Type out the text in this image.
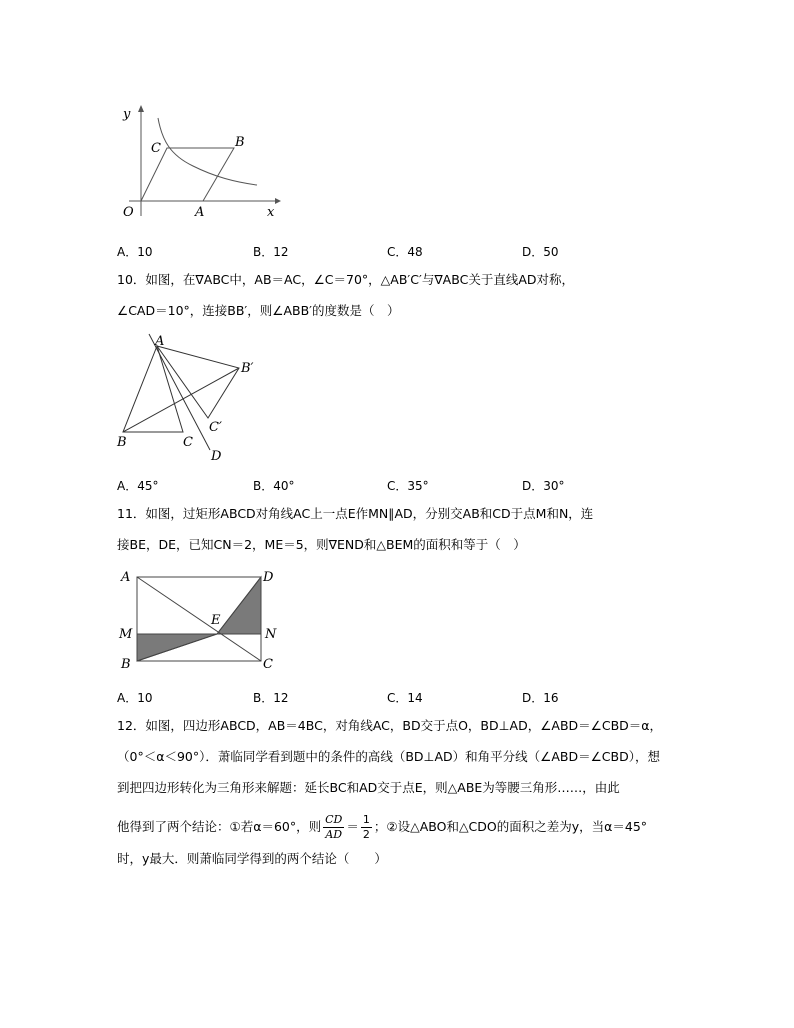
y
C	B
O	A	x
A．10	B．12	C．48	D．50
10．如图，在∇ABC中，AB＝AC，∠C＝70°，△AB′C′与∇ABC关于直线AD对称，
∠CAD＝10°，连接BB′，则∠ABB′的度数是（　）
A
B′
C′
B	C
D
A．45°	B．40°	C．35°	D．30°
11．如图，过矩形ABCD对角线AC上一点E作MN∥AD，分别交AB和CD于点M和N，连
接BE，DE，已知CN＝2，ME＝5，则∇END和△BEM的面积和等于（　）
A	D
M
E
N
B	C
A．10	B．12	C．14	D．16
12．如图，四边形ABCD，AB＝4BC，对角线AC，BD交于点O，BD⊥AD，∠ABD＝∠CBD＝α，
（0°＜α＜90°）．萧临同学看到题中的条件的高线（BD⊥AD）和角平分线（∠ABD＝∠CBD），想
到把四边形转化为三角形来解题：延长BC和AD交于点E，则△ABE为等腰三角形……，由此
他得到了两个结论：①若α＝60°，则 $\frac{CD}{AD} = \frac{1}{2}$ ；②设△ABO和△CDO的面积之差为y，当α＝45°
时，y最大．则萧临同学得到的两个结论（　　）
